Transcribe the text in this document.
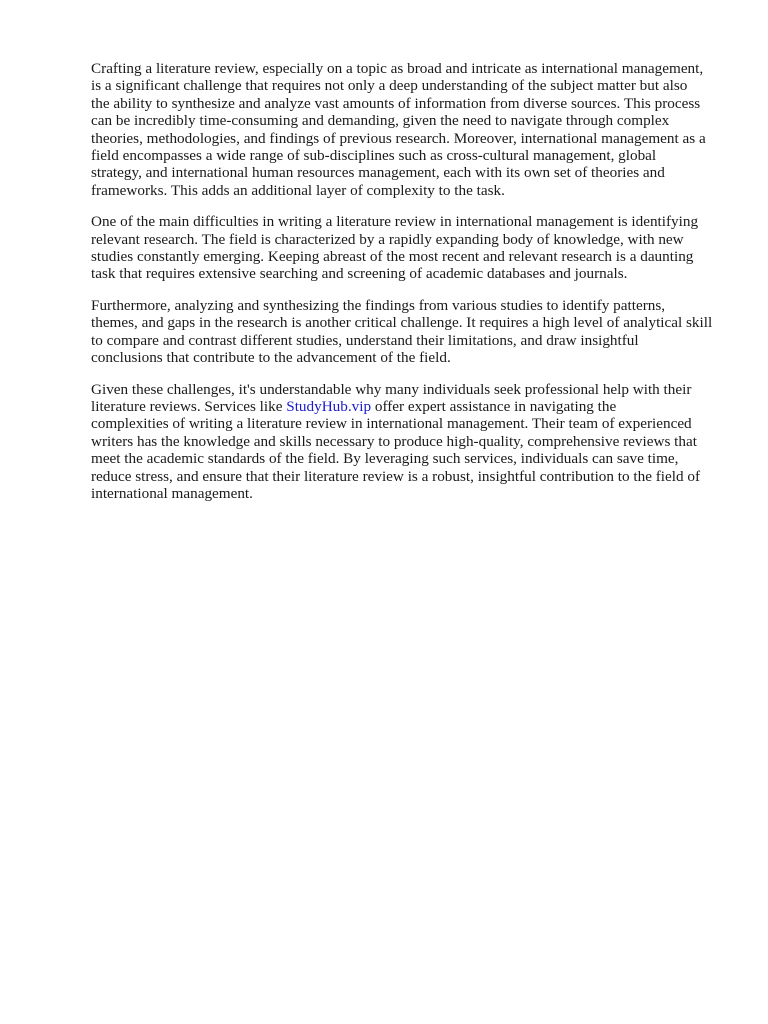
Crafting a literature review, especially on a topic as broad and intricate as international management,
is a significant challenge that requires not only a deep understanding of the subject matter but also
the ability to synthesize and analyze vast amounts of information from diverse sources. This process
can be incredibly time-consuming and demanding, given the need to navigate through complex
theories, methodologies, and findings of previous research. Moreover, international management as a
field encompasses a wide range of sub-disciplines such as cross-cultural management, global
strategy, and international human resources management, each with its own set of theories and
frameworks. This adds an additional layer of complexity to the task.

One of the main difficulties in writing a literature review in international management is identifying
relevant research. The field is characterized by a rapidly expanding body of knowledge, with new
studies constantly emerging. Keeping abreast of the most recent and relevant research is a daunting
task that requires extensive searching and screening of academic databases and journals.

Furthermore, analyzing and synthesizing the findings from various studies to identify patterns,
themes, and gaps in the research is another critical challenge. It requires a high level of analytical skill
to compare and contrast different studies, understand their limitations, and draw insightful
conclusions that contribute to the advancement of the field.

Given these challenges, it's understandable why many individuals seek professional help with their
literature reviews. Services like StudyHub.vip offer expert assistance in navigating the
complexities of writing a literature review in international management. Their team of experienced
writers has the knowledge and skills necessary to produce high-quality, comprehensive reviews that
meet the academic standards of the field. By leveraging such services, individuals can save time,
reduce stress, and ensure that their literature review is a robust, insightful contribution to the field of
international management.
